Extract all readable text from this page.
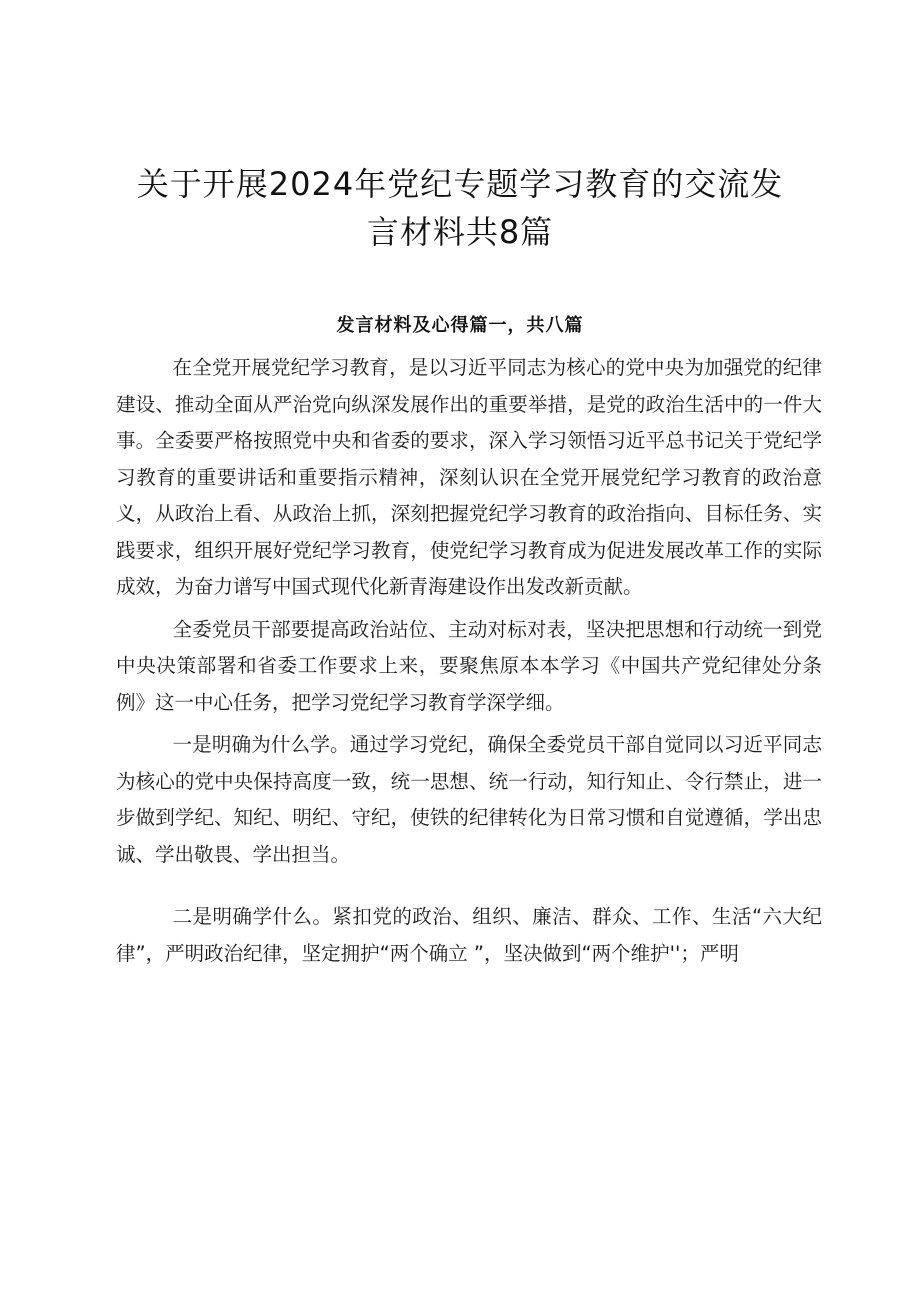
关于开展2024年党纪专题学习教育的交流发
言材料共8篇
发言材料及心得篇一，共八篇

在全党开展党纪学习教育，是以习近平同志为核心的党中央为加强党的纪律建设、推动全面从严治党向纵深发展作出的重要举措，是党的政治生活中的一件大事。全委要严格按照党中央和省委的要求，深入学习领悟习近平总书记关于党纪学习教育的重要讲话和重要指示精神，深刻认识在全党开展党纪学习教育的政治意义，从政治上看、从政治上抓，深刻把握党纪学习教育的政治指向、目标任务、实践要求，组织开展好党纪学习教育，使党纪学习教育成为促进发展改革工作的实际成效，为奋力谱写中国式现代化新青海建设作出发改新贡献。

全委党员干部要提高政治站位、主动对标对表，坚决把思想和行动统一到党中央决策部署和省委工作要求上来，要聚焦原本本学习《中国共产党纪律处分条例》这一中心任务，把学习党纪学习教育学深学细。

一是明确为什么学。通过学习党纪，确保全委党员干部自觉同以习近平同志为核心的党中央保持高度一致，统一思想、统一行动，知行知止、令行禁止，进一步做到学纪、知纪、明纪、守纪，使铁的纪律转化为日常习惯和自觉遵循，学出忠诚、学出敬畏、学出担当。

二是明确学什么。紧扣党的政治、组织、廉洁、群众、工作、生活“六大纪律”，严明政治纪律，坚定拥护“两个确立 ”，坚决做到“两个维护''；严明
